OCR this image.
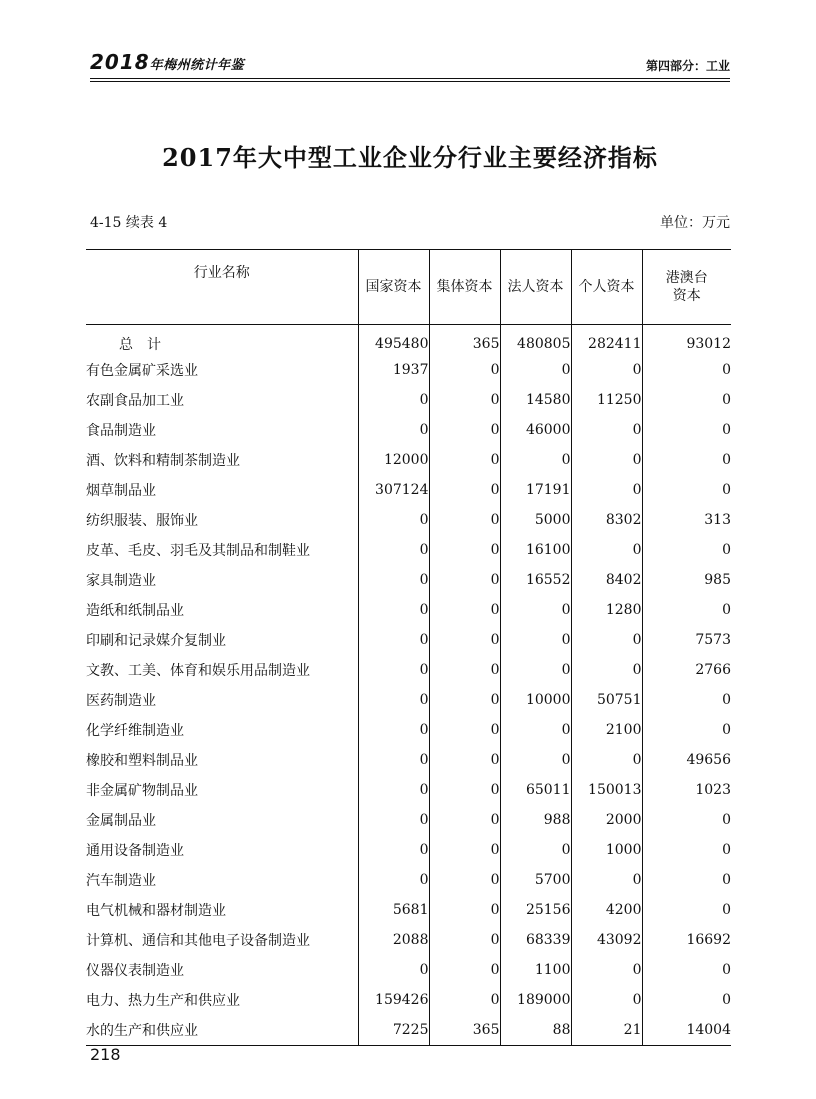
2018年梅州统计年鉴	第四部分：工业
2017年大中型工业企业分行业主要经济指标
4-15 续表 4	单位：万元
行业名称	国家资本	集体资本	法人资本	个人资本	港澳台
资本
总计	495480	365	480805	282411	93012
有色金属矿采选业	1937	0	0	0	0
农副食品加工业	0	0	14580	11250	0
食品制造业	0	0	46000	0	0
酒、饮料和精制茶制造业	12000	0	0	0	0
烟草制品业	307124	0	17191	0	0
纺织服装、服饰业	0	0	5000	8302	313
皮革、毛皮、羽毛及其制品和制鞋业	0	0	16100	0	0
家具制造业	0	0	16552	8402	985
造纸和纸制品业	0	0	0	1280	0
印刷和记录媒介复制业	0	0	0	0	7573
文教、工美、体育和娱乐用品制造业	0	0	0	0	2766
医药制造业	0	0	10000	50751	0
化学纤维制造业	0	0	0	2100	0
橡胶和塑料制品业	0	0	0	0	49656
非金属矿物制品业	0	0	65011	150013	1023
金属制品业	0	0	988	2000	0
通用设备制造业	0	0	0	1000	0
汽车制造业	0	0	5700	0	0
电气机械和器材制造业	5681	0	25156	4200	0
计算机、通信和其他电子设备制造业	2088	0	68339	43092	16692
仪器仪表制造业	0	0	1100	0	0
电力、热力生产和供应业	159426	0	189000	0	0
水的生产和供应业	7225	365	88	21	14004
218
